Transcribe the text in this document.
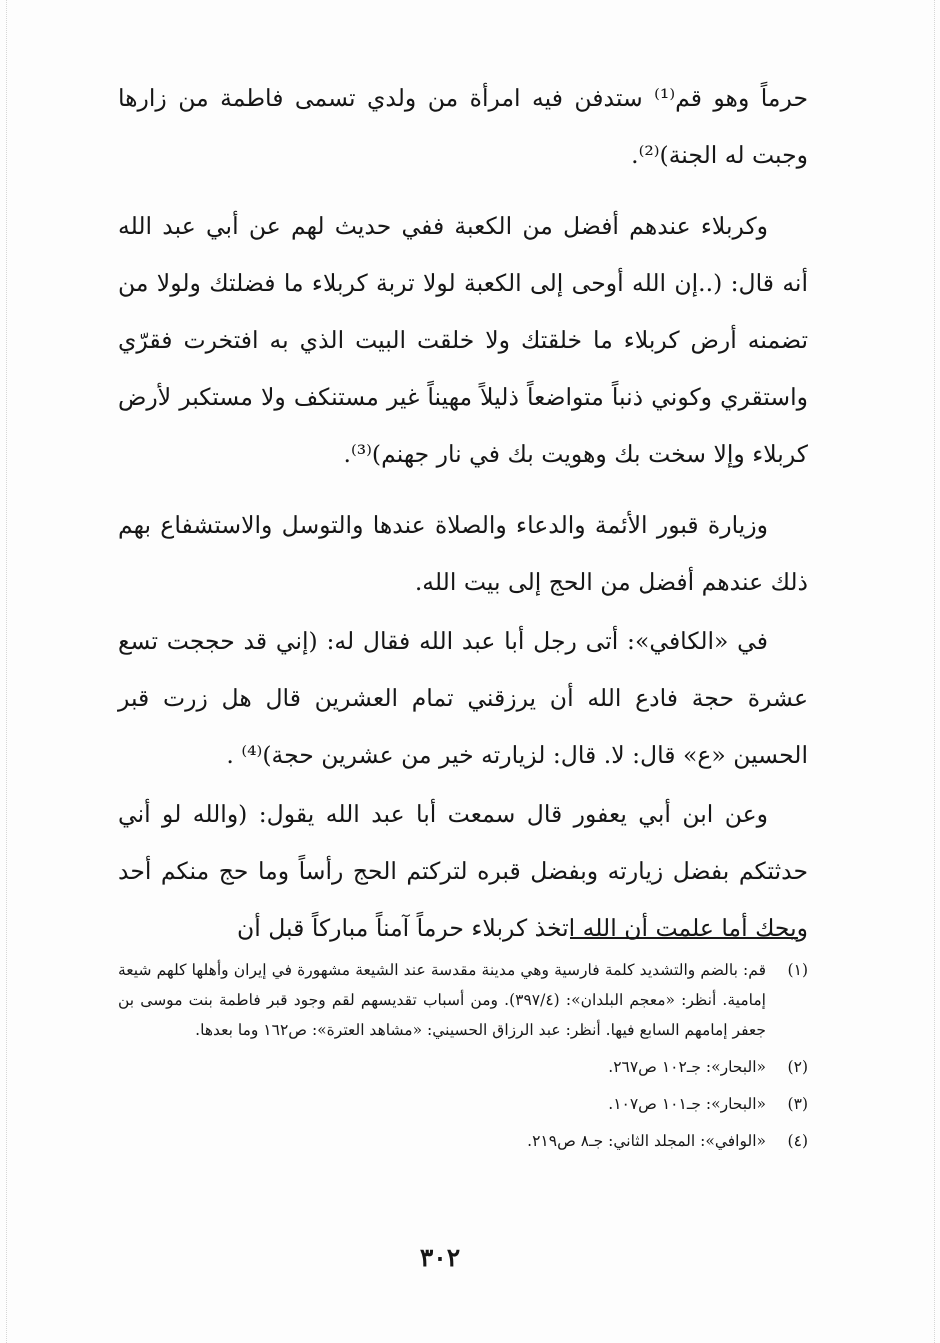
حرماً وهو قم⁽¹⁾ ستدفن فيه امرأة من ولدي تسمى فاطمة من زارها وجبت له الجنة)⁽²⁾.

وكربلاء عندهم أفضل من الكعبة ففي حديث لهم عن أبي عبد الله أنه قال: (..إن الله أوحى إلى الكعبة لولا تربة كربلاء ما فضلتك ولولا من تضمنه أرض كربلاء ما خلقتك ولا خلقت البيت الذي به افتخرت فقرّي واستقري وكوني ذنباً متواضعاً ذليلاً مهيناً غير مستنكف ولا مستكبر لأرض كربلاء وإلا سخت بك وهويت بك في نار جهنم)⁽³⁾.

وزيارة قبور الأئمة والدعاء والصلاة عندها والتوسل والاستشفاع بهم ذلك عندهم أفضل من الحج إلى بيت الله.

في «الكافي»: أتى رجل أبا عبد الله فقال له: (إني قد حججت تسع عشرة حجة فادع الله أن يرزقني تمام العشرين قال هل زرت قبر الحسين «ع» قال: لا. قال: لزيارته خير من عشرين حجة)⁽⁴⁾ .

وعن ابن أبي يعفور قال سمعت أبا عبد الله يقول: (والله لو أني حدثتكم بفضل زيارته وبفضل قبره لتركتم الحج رأساً وما حج منكم أحد ويحك أما علمت أن الله اتخذ كربلاء حرماً آمناً مباركاً قبل أن

(١)
قم: بالضم والتشديد كلمة فارسية وهي مدينة مقدسة عند الشيعة مشهورة في إيران وأهلها كلهم شيعة إمامية. أنظر: «معجم البلدان»: (٣٩٧/٤). ومن أسباب تقديسهم لقم وجود قبر فاطمة بنت موسى بن جعفر إمامهم السابع فيها. أنظر: عبد الرزاق الحسيني: «مشاهد العترة»: ص١٦٢ وما بعدها.
(٢)
«البحار»: جـ١٠٢ ص٢٦٧.
(٣)
«البحار»: جـ١٠١ ص١٠٧.
(٤)
«الوافي»: المجلد الثاني: جـ٨ ص٢١٩.
٣٠٢
